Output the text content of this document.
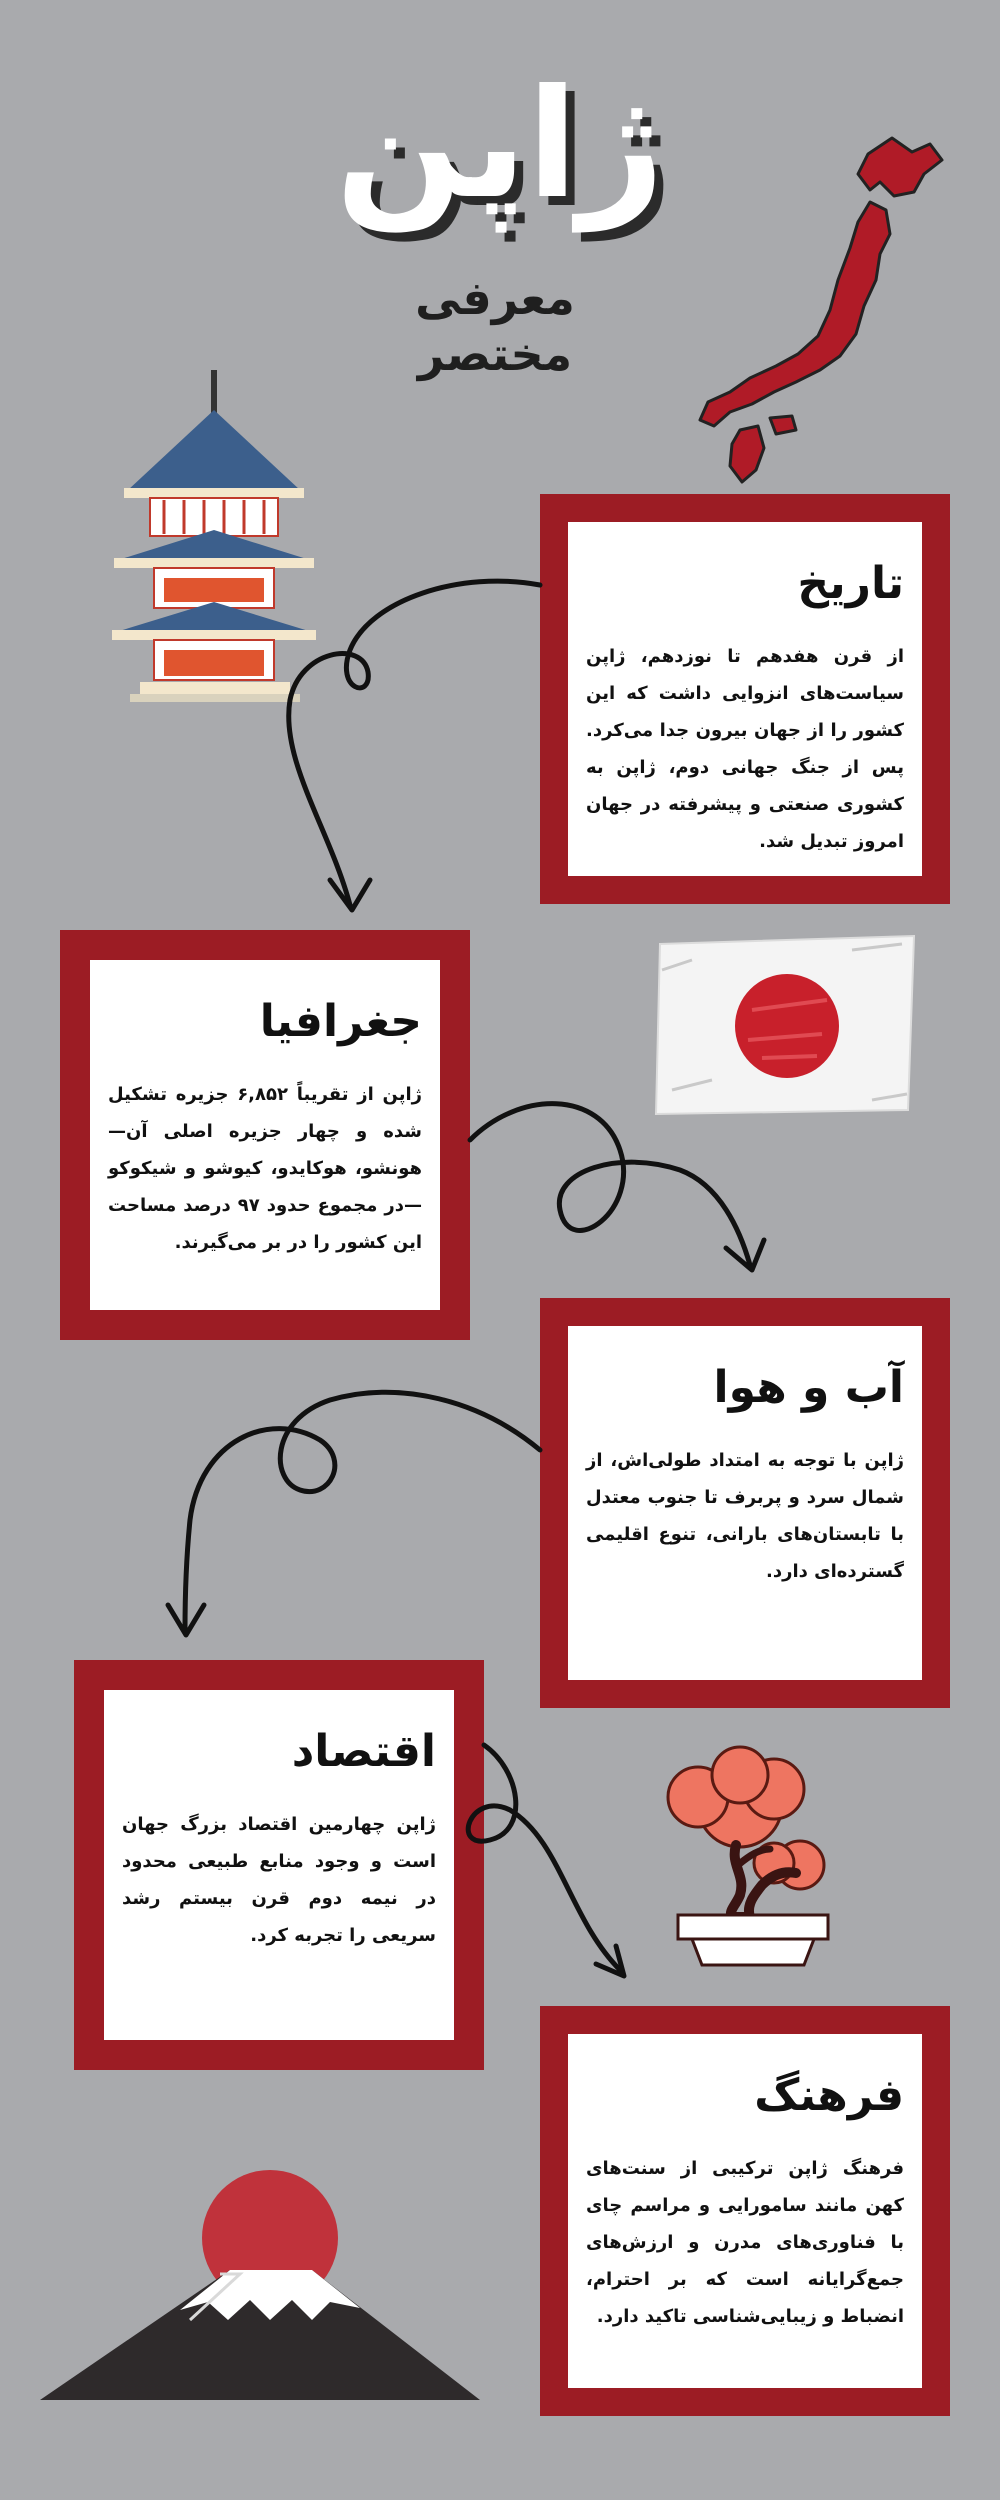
ژاپن
معرفی مختصر

تاریخ

از قرن هفدهم تا نوزدهم، ژاپن سیاست‌های انزوایی داشت که این کشور را از جهان بیرون جدا می‌کرد. پس از جنگ جهانی دوم، ژاپن به کشوری صنعتی و پیشرفته در جهان امروز تبدیل شد.

جغرافیا

ژاپن از تقریباً ۶,۸۵۲ جزیره تشکیل شده و چهار جزیره اصلی آن—هونشو، هوکایدو، کیوشو و شیکوکو—در مجموع حدود ۹۷ درصد مساحت این کشور را در بر می‌گیرند.

آب و هوا

ژاپن با توجه به امتداد طولی‌اش، از شمال سرد و پربرف تا جنوب معتدل با تابستان‌های بارانی، تنوع اقلیمی گسترده‌ای دارد.

اقتصاد

ژاپن چهارمین اقتصاد بزرگ جهان است و وجود منابع طبیعی محدود در نیمه دوم قرن بیستم رشد سریعی را تجربه کرد.

فرهنگ

فرهنگ ژاپن ترکیبی از سنت‌های کهن مانند سامورایی و مراسم چای با فناوری‌های مدرن و ارزش‌های جمع‌گرایانه است که بر احترام، انضباط و زیبایی‌شناسی تاکید دارد.
